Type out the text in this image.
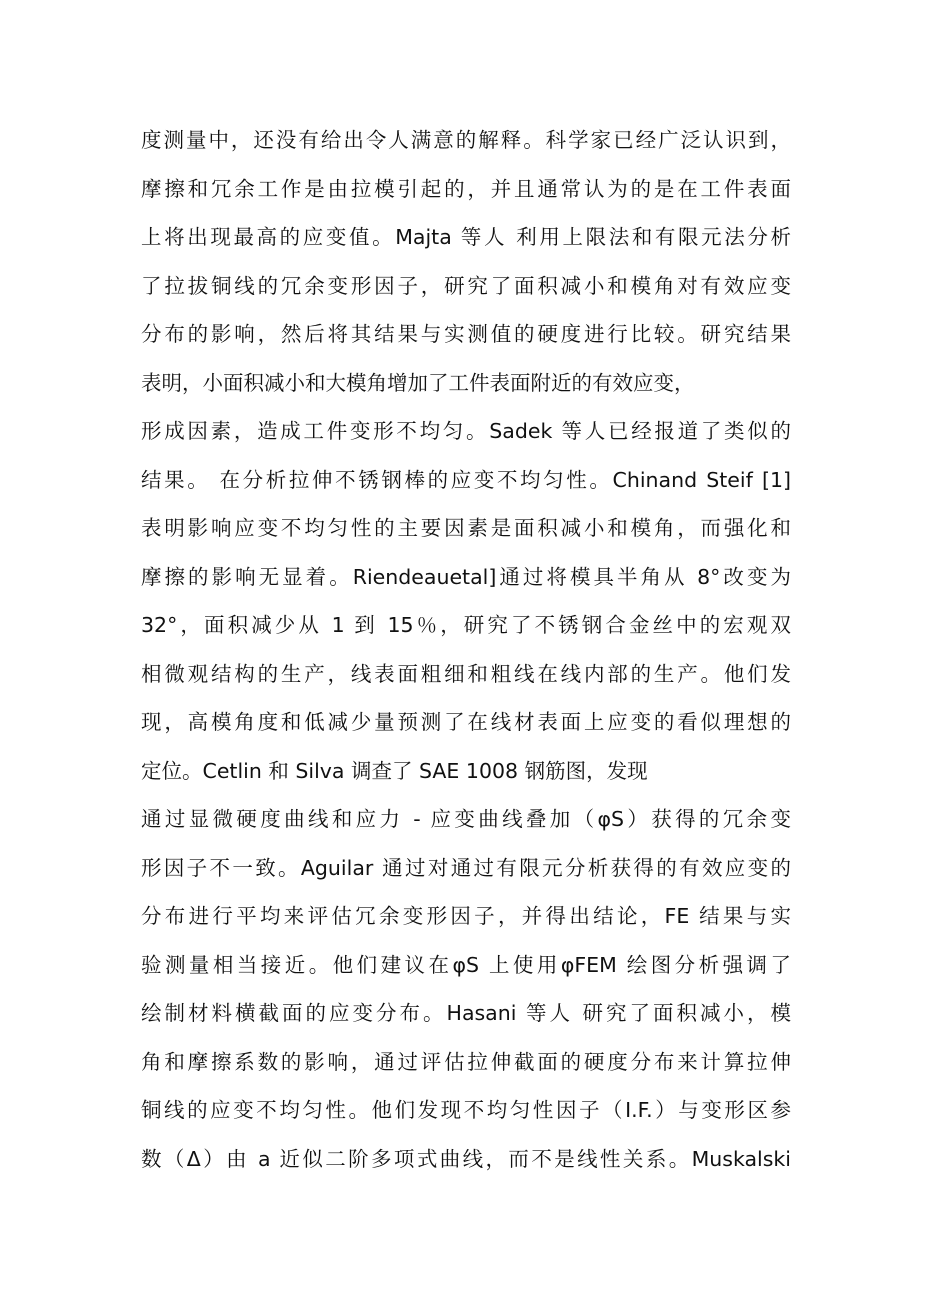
度测量中，还没有给出令人满意的解释。科学家已经广泛认识到，
摩擦和冗余工作是由拉模引起的，并且通常认为的是在工件表面
上将出现最高的应变值。Majta 等人 利用上限法和有限元法分析
了拉拔铜线的冗余变形因子，研究了面积减小和模角对有效应变
分布的影响，然后将其结果与实测值的硬度进行比较。研究结果
表明，小面积减小和大模角增加了工件表面附近的有效应变，
形成因素，造成工件变形不均匀。Sadek 等人已经报道了类似的
结果。 在分析拉伸不锈钢棒的应变不均匀性。Chinand Steif [1]
表明影响应变不均匀性的主要因素是面积减小和模角，而强化和
摩擦的影响无显着。Riendeauetal]通过将模具半角从 8°改变为
32°，面积减少从 1 到 15％，研究了不锈钢合金丝中的宏观双
相微观结构的生产，线表面粗细和粗线在线内部的生产。他们发
现，高模角度和低减少量预测了在线材表面上应变的看似理想的
定位。Cetlin 和 Silva 调查了 SAE 1008 钢筋图，发现
通过显微硬度曲线和应力 - 应变曲线叠加（φS）获得的冗余变
形因子不一致。Aguilar 通过对通过有限元分析获得的有效应变的
分布进行平均来评估冗余变形因子，并得出结论，FE 结果与实
验测量相当接近。他们建议在φS 上使用φFEM 绘图分析强调了
绘制材料横截面的应变分布。Hasani 等人 研究了面积减小，模
角和摩擦系数的影响，通过评估拉伸截面的硬度分布来计算拉伸
铜线的应变不均匀性。他们发现不均匀性因子（I.F.）与变形区参
数（Δ）由 a 近似二阶多项式曲线，而不是线性关系。Muskalski
